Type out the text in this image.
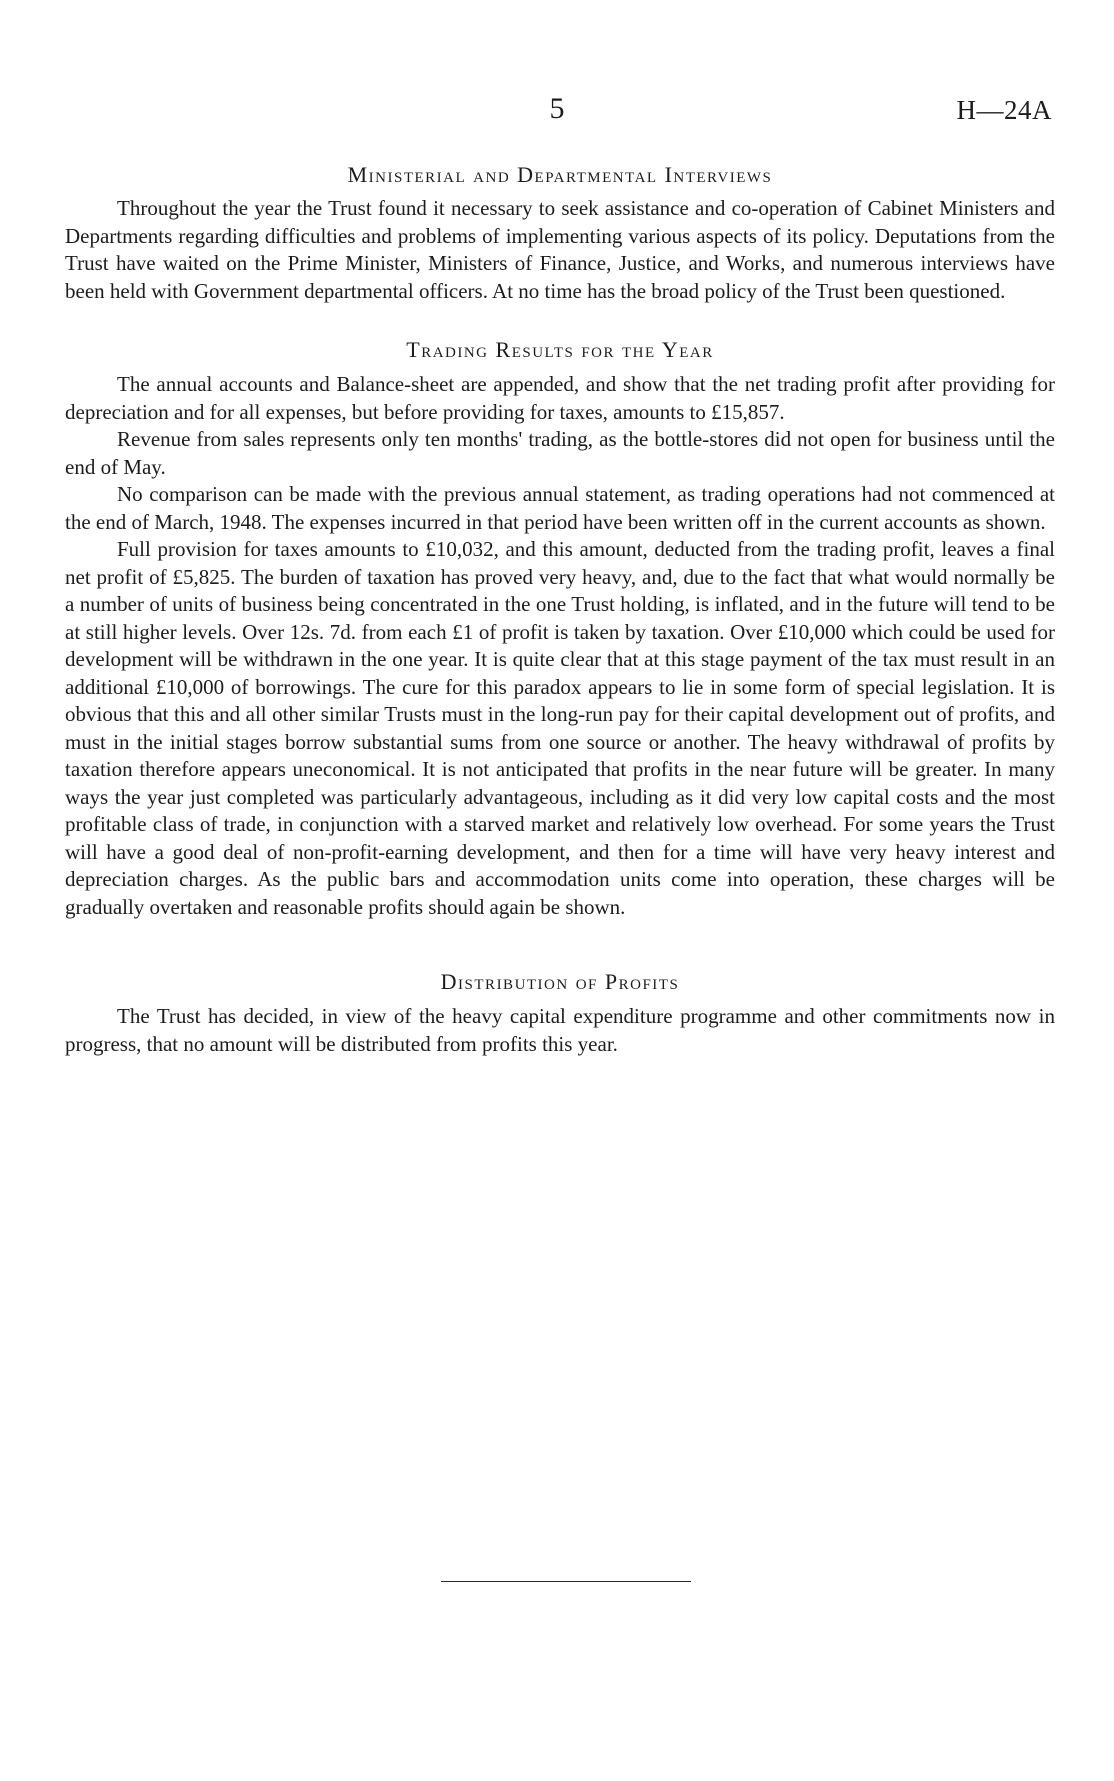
5	H—24A
Ministerial and Departmental Interviews

Throughout the year the Trust found it necessary to seek assistance and co-operation of Cabinet Ministers and Departments regarding difficulties and problems of implementing various aspects of its policy. Deputations from the Trust have waited on the Prime Minister, Ministers of Finance, Justice, and Works, and numerous interviews have been held with Government departmental officers. At no time has the broad policy of the Trust been questioned.

Trading Results for the Year

The annual accounts and Balance-sheet are appended, and show that the net trading profit after providing for depreciation and for all expenses, but before providing for taxes, amounts to £15,857.

Revenue from sales represents only ten months' trading, as the bottle-stores did not open for business until the end of May.

No comparison can be made with the previous annual statement, as trading operations had not commenced at the end of March, 1948. The expenses incurred in that period have been written off in the current accounts as shown.

Full provision for taxes amounts to £10,032, and this amount, deducted from the trading profit, leaves a final net profit of £5,825. The burden of taxation has proved very heavy, and, due to the fact that what would normally be a number of units of business being concentrated in the one Trust holding, is inflated, and in the future will tend to be at still higher levels. Over 12s. 7d. from each £1 of profit is taken by taxation. Over £10,000 which could be used for development will be withdrawn in the one year. It is quite clear that at this stage payment of the tax must result in an additional £10,000 of borrowings. The cure for this paradox appears to lie in some form of special legislation. It is obvious that this and all other similar Trusts must in the long-run pay for their capital development out of profits, and must in the initial stages borrow substantial sums from one source or another. The heavy withdrawal of profits by taxation therefore appears uneconomical. It is not anticipated that profits in the near future will be greater. In many ways the year just completed was particularly advantageous, including as it did very low capital costs and the most profitable class of trade, in conjunction with a starved market and relatively low overhead. For some years the Trust will have a good deal of non-profit-earning development, and then for a time will have very heavy interest and depreciation charges. As the public bars and accommodation units come into operation, these charges will be gradually overtaken and reasonable profits should again be shown.

Distribution of Profits

The Trust has decided, in view of the heavy capital expenditure programme and other commitments now in progress, that no amount will be distributed from profits this year.
